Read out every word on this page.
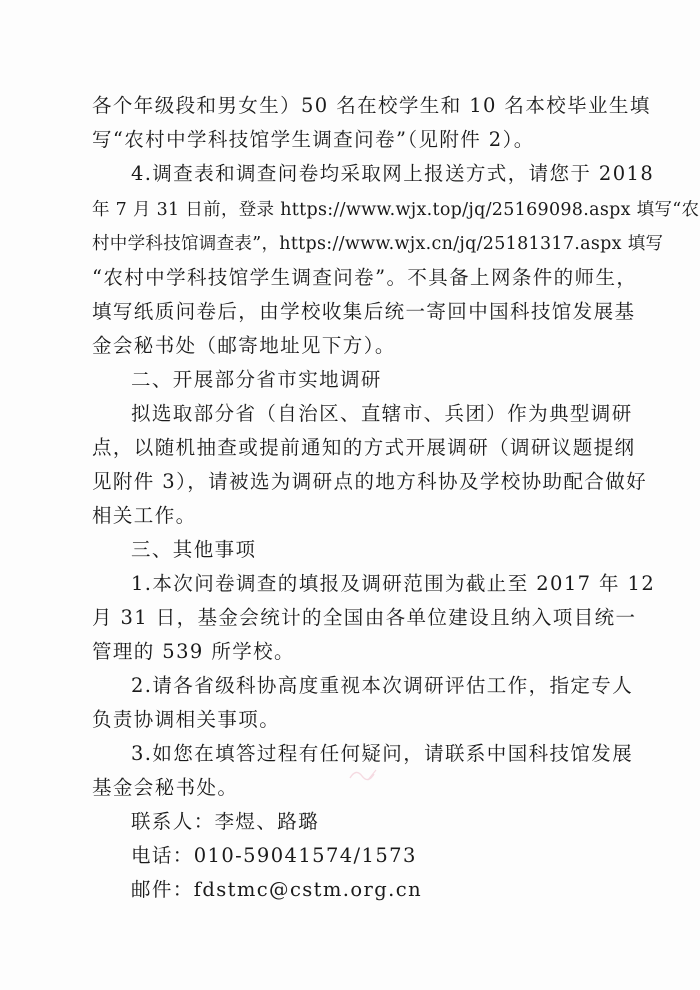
各个年级段和男女生）50 名在校学生和 10 名本校毕业生填
写“农村中学科技馆学生调查问卷”（见附件 2）。
4.调查表和调查问卷均采取网上报送方式，请您于 2018
年 7 月 31 日前，登录 https://www.wjx.top/jq/25169098.aspx 填写“农
村中学科技馆调查表”，https://www.wjx.cn/jq/25181317.aspx 填写
“农村中学科技馆学生调查问卷”。不具备上网条件的师生，
填写纸质问卷后，由学校收集后统一寄回中国科技馆发展基
金会秘书处（邮寄地址见下方）。
二、开展部分省市实地调研
拟选取部分省（自治区、直辖市、兵团）作为典型调研
点，以随机抽查或提前通知的方式开展调研（调研议题提纲
见附件 3），请被选为调研点的地方科协及学校协助配合做好
相关工作。
三、其他事项
1.本次问卷调查的填报及调研范围为截止至 2017 年 12
月 31 日，基金会统计的全国由各单位建设且纳入项目统一
管理的 539 所学校。
2.请各省级科协高度重视本次调研评估工作，指定专人
负责协调相关事项。
3.如您在填答过程有任何疑问，请联系中国科技馆发展
基金会秘书处。
联系人：李煜、路璐
电话：010-59041574/1573
邮件：fdstmc@cstm.org.cn
